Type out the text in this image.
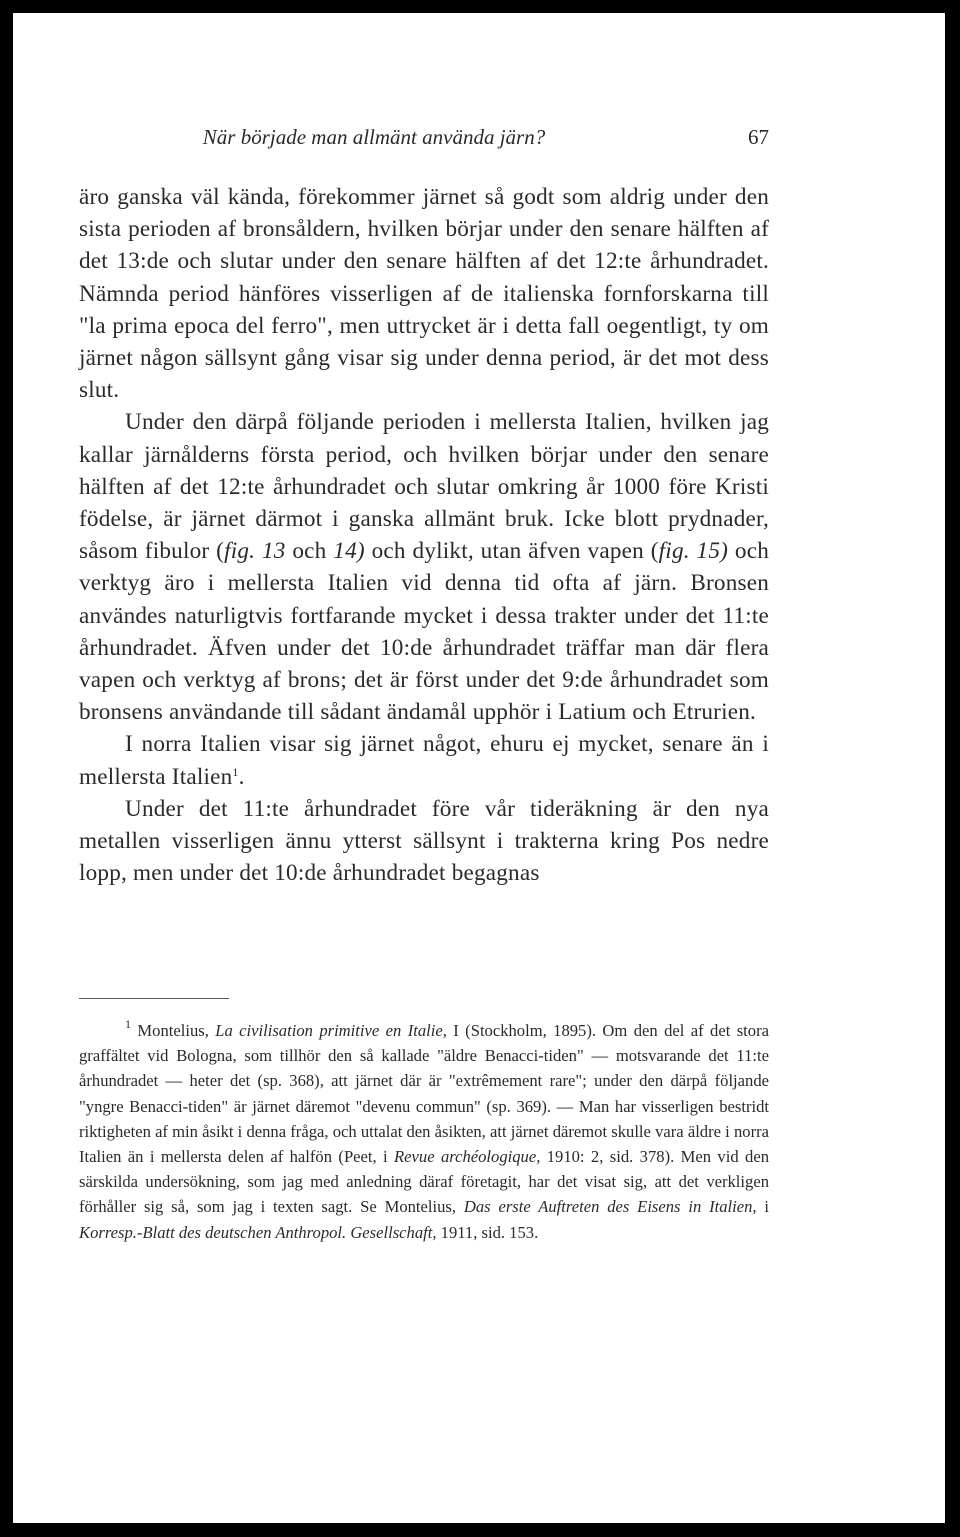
När började man allmänt använda järn?	67

äro ganska väl kända, förekommer järnet så godt som aldrig under den sista perioden af bronsåldern, hvilken börjar under den senare hälften af det 13:de och slutar under den senare hälften af det 12:te århundradet. Nämnda period hänföres visserligen af de italienska fornforskarna till "la prima epoca del ferro", men uttrycket är i detta fall oegentligt, ty om järnet någon sällsynt gång visar sig under denna period, är det mot dess slut.

Under den därpå följande perioden i mellersta Italien, hvilken jag kallar järnålderns första period, och hvilken börjar under den senare hälften af det 12:te århundradet och slutar omkring år 1000 före Kristi födelse, är järnet därmot i ganska allmänt bruk. Icke blott prydnader, såsom fibulor (fig. 13 och 14) och dylikt, utan äfven vapen (fig. 15) och verktyg äro i mellersta Italien vid denna tid ofta af järn. Bronsen användes naturligtvis fortfarande mycket i dessa trakter under det 11:te århundradet. Äfven under det 10:de århundradet träffar man där flera vapen och verktyg af brons; det är först under det 9:de århundradet som bronsens användande till sådant ändamål upphör i Latium och Etrurien.

I norra Italien visar sig järnet något, ehuru ej mycket, senare än i mellersta Italien$^1$.

Under det 11:te århundradet före vår tideräkning är den nya metallen visserligen ännu ytterst sällsynt i trakterna kring Pos nedre lopp, men under det 10:de århundradet begagnas

$^1$ Montelius, La civilisation primitive en Italie, I (Stockholm, 1895). Om den del af det stora graffältet vid Bologna, som tillhör den så kallade "äldre Benacci-tiden" — motsvarande det 11:te århundradet — heter det (sp. 368), att järnet där är "extrêmement rare"; under den därpå följande "yngre Benacci-tiden" är järnet däremot "devenu commun" (sp. 369). — Man har visserligen bestridt riktigheten af min åsikt i denna fråga, och uttalat den åsikten, att järnet däremot skulle vara äldre i norra Italien än i mellersta delen af halfön (Peet, i Revue archéologique, 1910: 2, sid. 378). Men vid den särskilda undersökning, som jag med anledning däraf företagit, har det visat sig, att det verkligen förhåller sig så, som jag i texten sagt. Se Montelius, Das erste Auftreten des Eisens in Italien, i Korresp.-Blatt des deutschen Anthropol. Gesellschaft, 1911, sid. 153.
